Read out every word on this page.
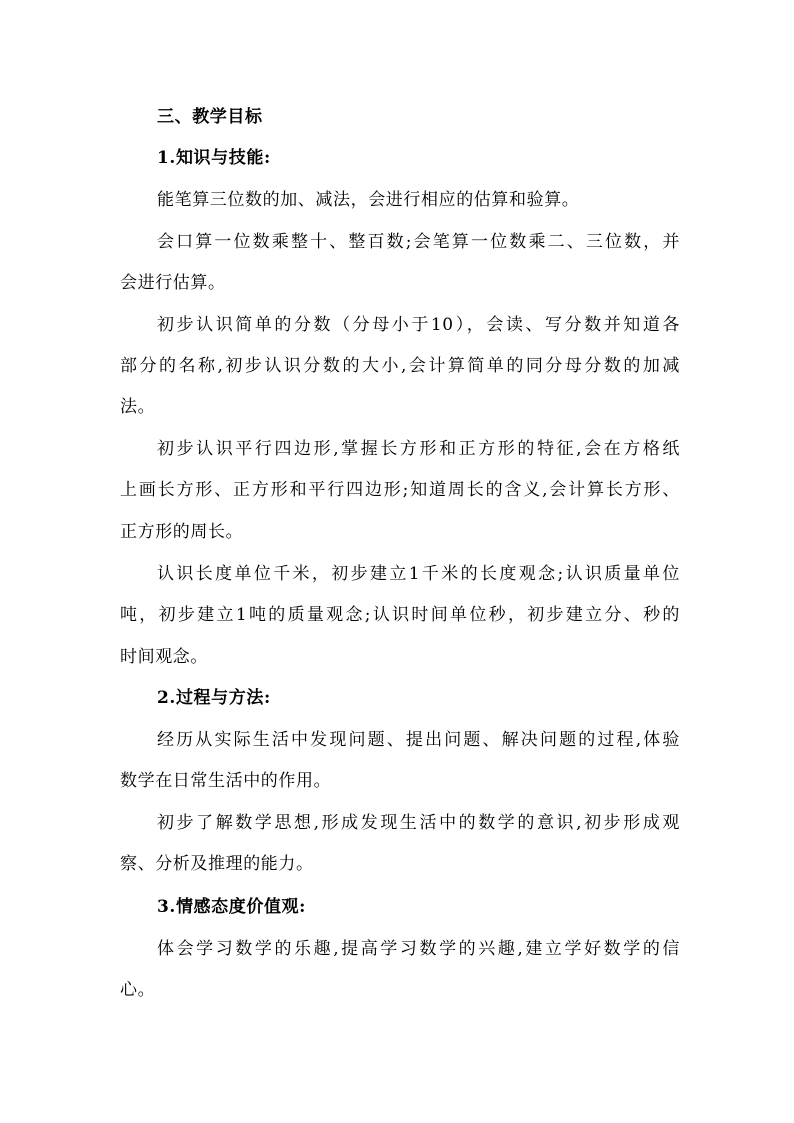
三、教学目标
1.知识与技能:
能笔算三位数的加、减法，会进行相应的估算和验算。
会口算一位数乘整十、整百数;会笔算一位数乘二、三位数，并
会进行估算。
初步认识简单的分数（分母小于10），会读、写分数并知道各
部分的名称,初步认识分数的大小,会计算简单的同分母分数的加减
法。
初步认识平行四边形,掌握长方形和正方形的特征,会在方格纸
上画长方形、正方形和平行四边形;知道周长的含义,会计算长方形、
正方形的周长。
认识长度单位千米，初步建立1千米的长度观念;认识质量单位
吨，初步建立1吨的质量观念;认识时间单位秒，初步建立分、秒的
时间观念。
2.过程与方法:
经历从实际生活中发现问题、提出问题、解决问题的过程,体验
数学在日常生活中的作用。
初步了解数学思想,形成发现生活中的数学的意识,初步形成观
察、分析及推理的能力。
3.情感态度价值观:
体会学习数学的乐趣,提高学习数学的兴趣,建立学好数学的信
心。
